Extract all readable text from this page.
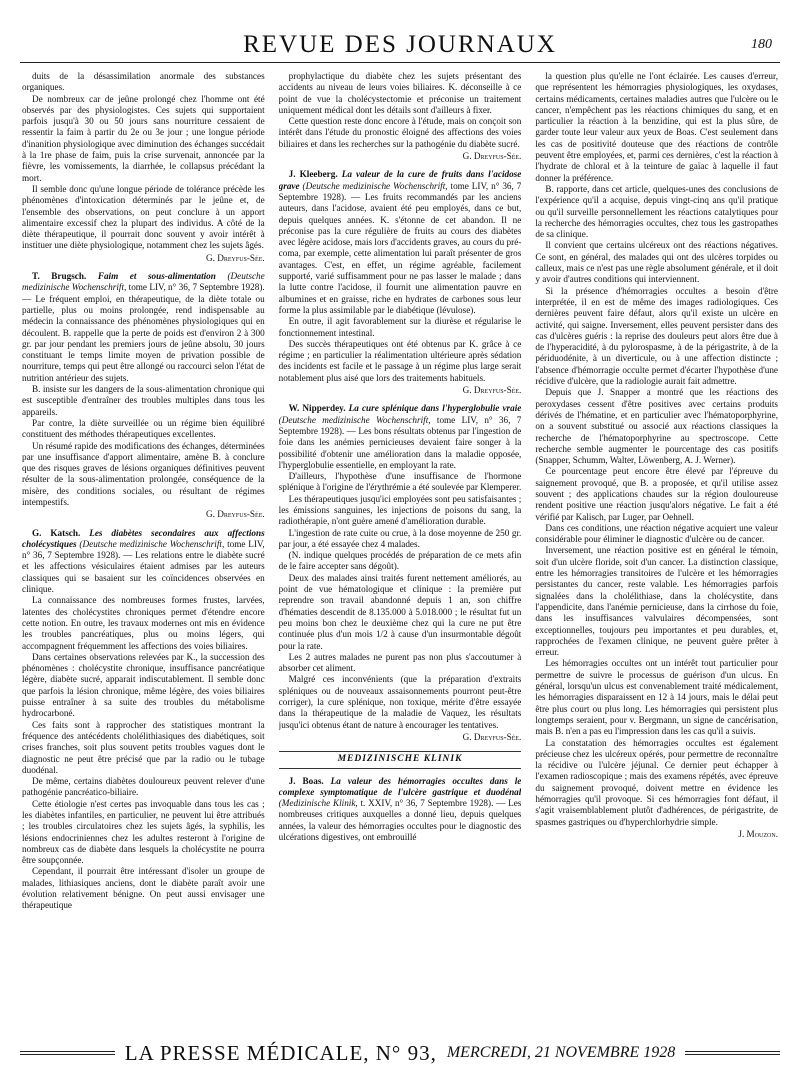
REVUE DES JOURNAUX	180

duits de la désassimilation anormale des substances organiques.

De nombreux car de jeûne prolongé chez l'homme ont été observés par des physiologistes. Ces sujets qui supportaient parfois jusqu'à 30 ou 50 jours sans nourriture cessaient de ressentir la faim à partir du 2e ou 3e jour ; une longue période d'inanition physiologique avec diminution des échanges succédait à la 1re phase de faim, puis la crise survenait, annoncée par la fièvre, les vomissements, la diarrhée, le collapsus précédant la mort.

Il semble donc qu'une longue période de tolérance précède les phénomènes d'intoxication déterminés par le jeûne et, de l'ensemble des observations, on peut conclure à un apport alimentaire excessif chez la plupart des individus. A côté de la diète thérapeutique, il pourrait donc souvent y avoir intérêt à instituer une diète physiologique, notamment chez les sujets âgés.

G. Dreyfus-Sée.

T. Brugsch. Faim et sous-alimentation (Deutsche medizinische Wochenschrift, tome LIV, n° 36, 7 Septembre 1928). — Le fréquent emploi, en thérapeutique, de la diète totale ou partielle, plus ou moins prolongée, rend indispensable au médecin la connaissance des phénomènes physiologiques qui en découlent. B. rappelle que la perte de poids est d'environ 2 à 300 gr. par jour pendant les premiers jours de jeûne absolu, 30 jours constituant le temps limite moyen de privation possible de nourriture, temps qui peut être allongé ou raccourci selon l'état de nutrition antérieur des sujets.

B. insiste sur les dangers de la sous-alimentation chronique qui est susceptible d'entraîner des troubles multiples dans tous les appareils.

Par contre, la diète surveillée ou un régime bien équilibré constituent des méthodes thérapeutiques excellentes.

Un résumé rapide des modifications des échanges, déterminées par une insuffisance d'apport alimentaire, amène B. à conclure que des risques graves de lésions organiques définitives peuvent résulter de la sous-alimentation prolongée, conséquence de la misère, des conditions sociales, ou résultant de régimes intempestifs.

G. Dreyfus-Sée.

G. Katsch. Les diabètes secondaires aux affections cholécystiques (Deutsche medizinische Wochenschrift, tome LIV, n° 36, 7 Septembre 1928). — Les relations entre le diabète sucré et les affections vésiculaires étaient admises par les auteurs classiques qui se basaient sur les coïncidences observées en clinique.

La connaissance des nombreuses formes frustes, larvées, latentes des cholécystites chroniques permet d'étendre encore cette notion. En outre, les travaux modernes ont mis en évidence les troubles pancréatiques, plus ou moins légers, qui accompagnent fréquemment les affections des voies biliaires.

Dans certaines observations relevées par K., la succession des phénomènes : cholécystite chronique, insuffisance pancréatique légère, diabète sucré, apparait indiscutablement. Il semble donc que parfois la lésion chronique, même légère, des voies biliaires puisse entraîner à sa suite des troubles du métabolisme hydrocarboné.

Ces faits sont à rapprocher des statistiques montrant la fréquence des antécédents cholélithiasiques des diabétiques, soit crises franches, soit plus souvent petits troubles vagues dont le diagnostic ne peut être précisé que par la radio ou le tubage duodénal.

De même, certains diabètes douloureux peuvent relever d'une pathogénie pancréatico-biliaire.

Cette étiologie n'est certes pas invoquable dans tous les cas ; les diabètes infantiles, en particulier, ne peuvent lui être attribués ; les troubles circulatoires chez les sujets âgés, la syphilis, les lésions endocriniennes chez les adultes resteront à l'origine de nombreux cas de diabète dans lesquels la cholécystite ne pourra être soupçonnée.

Cependant, il pourrait être intéressant d'isoler un groupe de malades, lithiasiques anciens, dont le diabète paraît avoir une évolution relativement bénigne. On peut aussi envisager une thérapeutique

prophylactique du diabète chez les sujets présentant des accidents au niveau de leurs voies biliaires. K. déconseille à ce point de vue la cholécystectomie et préconise un traitement uniquement médical dont les détails sont d'ailleurs à fixer.

Cette question reste donc encore à l'étude, mais on conçoit son intérêt dans l'étude du pronostic éloigné des affections des voies biliaires et dans les recherches sur la pathogénie du diabète sucré.

G. Dreyfus-Sée.

J. Kleeberg. La valeur de la cure de fruits dans l'acidose grave (Deutsche medizinische Wochenschrift, tome LIV, n° 36, 7 Septembre 1928). — Les fruits recommandés par les anciens auteurs, dans l'acidose, avaient été peu employés, dans ce but, depuis quelques années. K. s'étonne de cet abandon. Il ne préconise pas la cure régulière de fruits au cours des diabètes avec légère acidose, mais lors d'accidents graves, au cours du pré-coma, par exemple, cette alimentation lui paraît présenter de gros avantages. C'est, en effet, un régime agréable, facilement supporté, varié suffisamment pour ne pas lasser le malade ; dans la lutte contre l'acidose, il fournit une alimentation pauvre en albumines et en graisse, riche en hydrates de carbones sous leur forme la plus assimilable par le diabétique (lévulose).

En outre, il agit favorablement sur la diurèse et régularise le fonctionnement intestinal.

Des succès thérapeutiques ont été obtenus par K. grâce à ce régime ; en particulier la réalimentation ultérieure après sédation des incidents est facile et le passage à un régime plus large serait notablement plus aisé que lors des traitements habituels.

G. Dreyfus-Sée.

W. Nipperdey. La cure splénique dans l'hyperglobulie vraie (Deutsche medizinische Wochenschrift, tome LIV, n° 36, 7 Septembre 1928). — Les bons résultats obtenus par l'ingestion de foie dans les anémies pernicieuses devaient faire songer à la possibilité d'obtenir une amélioration dans la maladie opposée, l'hyperglobulie essentielle, en employant la rate.

D'ailleurs, l'hypothèse d'une insuffisance de l'hormone splénique à l'origine de l'érythrémie a été soulevée par Klemperer.

Les thérapeutiques jusqu'ici employées sont peu satisfaisantes ; les émissions sanguines, les injections de poisons du sang, la radiothérapie, n'ont guère amené d'amélioration durable.

L'ingestion de rate cuite ou crue, à la dose moyenne de 250 gr. par jour, a été essayée chez 4 malades.

(N. indique quelques procédés de préparation de ce mets afin de le faire accepter sans dégoût).

Deux des malades ainsi traités furent nettement améliorés, au point de vue hématologique et clinique : la première put reprendre son travail abandonné depuis 1 an, son chiffre d'hématies descendit de 8.135.000 à 5.018.000 ; le résultat fut un peu moins bon chez le deuxième chez qui la cure ne put être continuée plus d'un mois 1/2 à cause d'un insurmontable dégoût pour la rate.

Les 2 autres malades ne purent pas non plus s'accoutumer à absorber cet aliment.

Malgré ces inconvénients (que la préparation d'extraits spléniques ou de nouveaux assaisonnements pourront peut-être corriger), la cure splénique, non toxique, mérite d'être essayée dans la thérapeutique de la maladie de Vaquez, les résultats jusqu'ici obtenus étant de nature à encourager les tentatives.

G. Dreyfus-Sée.

MEDIZINISCHE KLINIK

J. Boas. La valeur des hémorragies occultes dans le complexe symptomatique de l'ulcère gastrique et duodénal (Medizinische Klinik, t. XXIV, n° 36, 7 Septembre 1928). — Les nombreuses critiques auxquelles a donné lieu, depuis quelques années, la valeur des hémorragies occultes pour le diagnostic des ulcérations digestives, ont embrouillé

la question plus qu'elle ne l'ont éclairée. Les causes d'erreur, que représentent les hémorragies physiologiques, les oxydases, certains médicaments, certaines maladies autres que l'ulcère ou le cancer, n'empêchent pas les réactions chimiques du sang, et en particulier la réaction à la benzidine, qui est la plus sûre, de garder toute leur valeur aux yeux de Boas. C'est seulement dans les cas de positivité douteuse que des réactions de contrôle peuvent être employées, et, parmi ces dernières, c'est la réaction à l'hydrate de chloral et à la teinture de gaïac à laquelle il faut donner la préférence.

B. rapporte, dans cet article, quelques-unes des conclusions de l'expérience qu'il a acquise, depuis vingt-cinq ans qu'il pratique ou qu'il surveille personnellement les réactions catalytiques pour la recherche des hémorragies occultes, chez tous les gastropathes de sa clinique.

Il convient que certains ulcéreux ont des réactions négatives. Ce sont, en général, des malades qui ont des ulcères torpides ou calleux, mais ce n'est pas une règle absolument générale, et il doit y avoir d'autres conditions qui interviennent.

Si la présence d'hémorragies occultes a besoin d'être interprétée, il en est de même des images radiologiques. Ces dernières peuvent faire défaut, alors qu'il existe un ulcère en activité, qui saigne. Inversement, elles peuvent persister dans des cas d'ulcères guéris : la reprise des douleurs peut alors être due à de l'hyperacidité, à du pylorospasme, à de la périgastrite, à de la périduodénite, à un diverticule, ou à une affection distincte ; l'absence d'hémorragie occulte permet d'écarter l'hypothèse d'une récidive d'ulcère, que la radiologie aurait fait admettre.

Depuis que J. Snapper a montré que les réactions des peroxydases cessent d'être positives avec certains produits dérivés de l'hématine, et en particulier avec l'hématoporphyrine, on a souvent substitué ou associé aux réactions classiques la recherche de l'hématoporphyrine au spectroscope. Cette recherche semble augmenter le pourcentage des cas positifs (Snapper, Schumm, Walter, Löwenberg, A. J. Werner).

Ce pourcentage peut encore être élevé par l'épreuve du saignement provoqué, que B. a proposée, et qu'il utilise assez souvent ; des applications chaudes sur la région douloureuse rendent positive une réaction jusqu'alors négative. Le fait a été vérifié par Kalisch, par Luger, par Oehnell.

Dans ces conditions, une réaction négative acquiert une valeur considérable pour éliminer le diagnostic d'ulcère ou de cancer.

Inversement, une réaction positive est en général le témoin, soit d'un ulcère floride, soit d'un cancer. La distinction classique, entre les hémorragies transitoires de l'ulcère et les hémorragies persistantes du cancer, reste valable. Les hémorragies parfois signalées dans la cholélithiase, dans la cholécystite, dans l'appendicite, dans l'anémie pernicieuse, dans la cirrhose du foie, dans les insuffisances valvulaires décompensées, sont exceptionnelles, toujours peu importantes et peu durables, et, rapprochées de l'examen clinique, ne peuvent guère prêter à erreur.

Les hémorragies occultes ont un intérêt tout particulier pour permettre de suivre le processus de guérison d'un ulcus. En général, lorsqu'un ulcus est convenablement traité médicalement, les hémorragies disparaissent en 12 à 14 jours, mais le délai peut être plus court ou plus long. Les hémorragies qui persistent plus longtemps seraient, pour v. Bergmann, un signe de cancérisation, mais B. n'en a pas eu l'impression dans les cas qu'il a suivis.

La constatation des hémorragies occultes est également précieuse chez les ulcéreux opérés, pour permettre de reconnaître la récidive ou l'ulcère jéjunal. Ce dernier peut échapper à l'examen radioscopique ; mais des examens répétés, avec épreuve du saignement provoqué, doivent mettre en évidence les hémorragies qu'il provoque. Si ces hémorragies font défaut, il s'agit vraisemblablement plutôt d'adhérences, de périgastrite, de spasmes gastriques ou d'hyperchlorhydrie simple.

J. Mouzon.

LA PRESSE MÉDICALE, N° 93, MERCREDI, 21 NOVEMBRE 1928
